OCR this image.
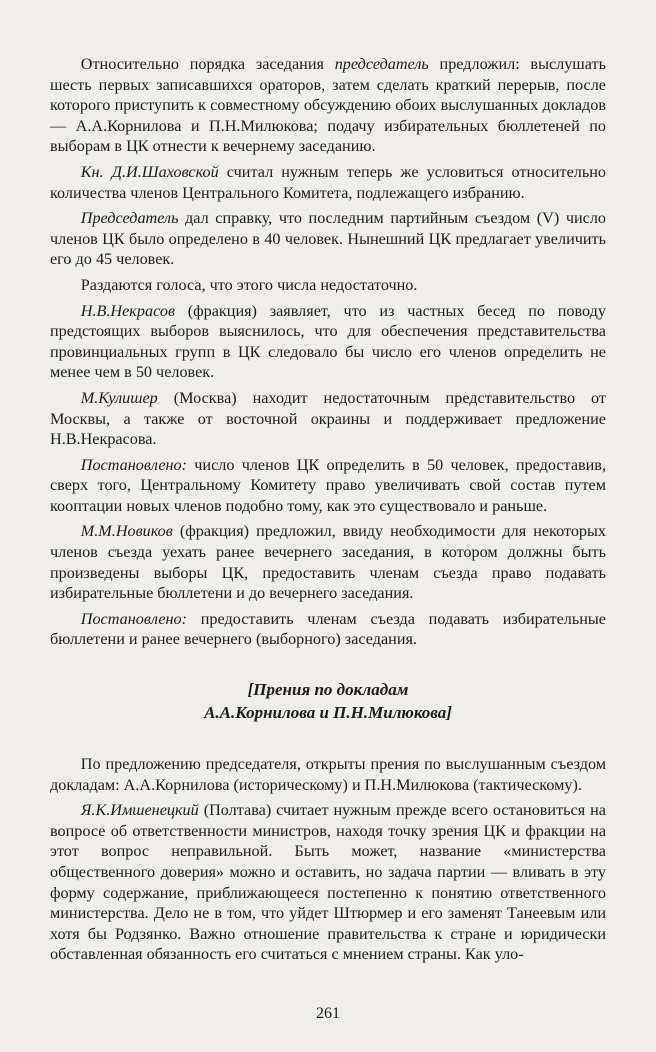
Относительно порядка заседания председатель предложил: выслушать шесть первых записавшихся ораторов, затем сделать краткий перерыв, после которого приступить к совместному обсуждению обоих выслушанных докладов — А.А.Корнилова и П.Н.Милюкова; подачу избирательных бюллетеней по выборам в ЦК отнести к вечернему заседанию.

Кн. Д.И.Шаховской считал нужным теперь же условиться относительно количества членов Центрального Комитета, подлежащего избранию.

Председатель дал справку, что последним партийным съездом (V) число членов ЦК было определено в 40 человек. Нынешний ЦК предлагает увеличить его до 45 человек.

Раздаются голоса, что этого числа недостаточно.

Н.В.Некрасов (фракция) заявляет, что из частных бесед по поводу предстоящих выборов выяснилось, что для обеспечения представительства провинциальных групп в ЦК следовало бы число его членов определить не менее чем в 50 человек.

М.Кулишер (Москва) находит недостаточным представительство от Москвы, а также от восточной окраины и поддерживает предложение Н.В.Некрасова.

Постановлено: число членов ЦК определить в 50 человек, предоставив, сверх того, Центральному Комитету право увеличивать свой состав путем кооптации новых членов подобно тому, как это существовало и раньше.

М.М.Новиков (фракция) предложил, ввиду необходимости для некоторых членов съезда уехать ранее вечернего заседания, в котором должны быть произведены выборы ЦК, предоставить членам съезда право подавать избирательные бюллетени и до вечернего заседания.

Постановлено: предоставить членам съезда подавать избирательные бюллетени и ранее вечернего (выборного) заседания.

[Прения по докладам
А.А.Корнилова и П.Н.Милюкова]

По предложению председателя, открыты прения по выслушанным съездом докладам: А.А.Корнилова (историческому) и П.Н.Милюкова (тактическому).

Я.К.Имшенецкий (Полтава) считает нужным прежде всего остановиться на вопросе об ответственности министров, находя точку зрения ЦК и фракции на этот вопрос неправильной. Быть может, название «министерства общественного доверия» можно и оставить, но задача партии — вливать в эту форму содержание, приближающееся постепенно к понятию ответственного министерства. Дело не в том, что уйдет Штюрмер и его заменят Танеевым или хотя бы Родзянко. Важно отношение правительства к стране и юридически обставленная обязанность его считаться с мнением страны. Как уло-

261
